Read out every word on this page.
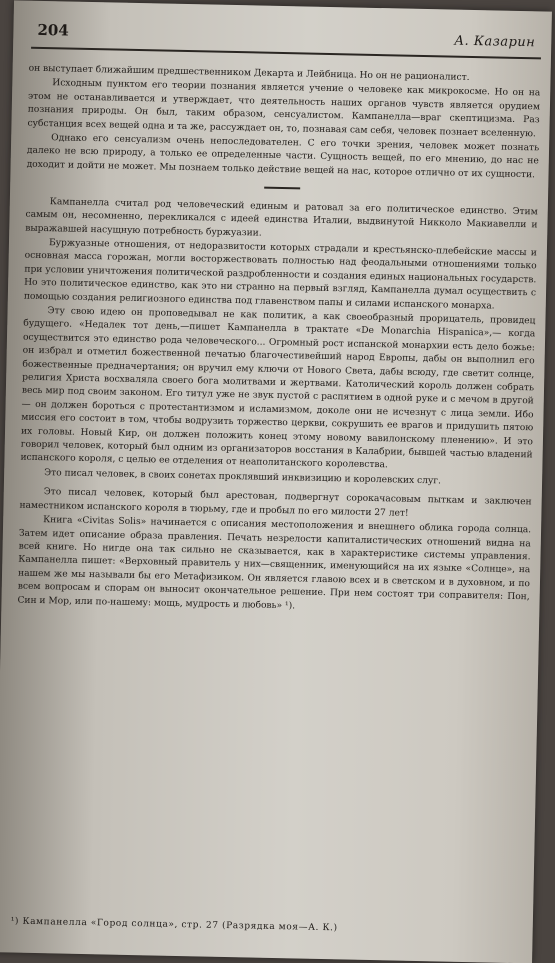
204
А. Казарин

он выступает ближайшим предшественником Декарта и Лейбница. Но он не рационалист.

Исходным пунктом его теории познания является учение о человеке как микрокосме. Но он на этом не останавливается и утверждает, что деятельность наших органов чувств является орудием познания природы. Он был, таким образом, сенсуалистом. Кампанелла—враг скептицизма. Раз субстанция всех вещей одна и та же, рассуждает он, то, познавая сам себя, человек познает вселенную.

Однако его сенсуализм очень непоследователен. С его точки зрения, человек может познать далеко не всю природу, а только ее определенные части. Сущность вещей, по его мнению, до нас не доходит и дойти не может. Мы познаем только действие вещей на нас, которое отлично от их сущности.

Кампанелла считал род человеческий единым и ратовал за его политическое единство. Этим самым он, несомненно, перекликался с идеей единства Италии, выдвинутой Никколо Макиавелли и выражавшей насущную потребность буржуазии.

Буржуазные отношения, от недоразвитости которых страдали и крестьянско-плебейские массы и основная масса горожан, могли восторжествовать полностью над феодальными отношениями только при условии уничтожения политической раздробленности и создания единых национальных государств. Но это политическое единство, как это ни странно на первый взгляд, Кампанелла думал осуществить с помощью создания религиозного единства под главенством папы и силами испанского монарха.

Эту свою идею он проповедывал не как политик, а как своеобразный прорицатель, провидец будущего. «Недалек тот день,—пишет Кампанелла в трактате «De Monarchia Hispanica»,— когда осуществится это единство рода человеческого... Огромный рост испанской монархии есть дело божье: он избрал и отметил божественной печатью благочестивейший народ Европы, дабы он выполнил его божественные предначертания; он вручил ему ключи от Нового Света, дабы всюду, где светит солнце, религия Христа восхваляла своего бога молитвами и жертвами. Католический король должен собрать весь мир под своим законом. Его титул уже не звук пустой с распятием в одной руке и с мечом в другой— он должен бороться с протестантизмом и исламизмом, доколе они не исчезнут с лица земли. Ибо миссия его состоит в том, чтобы водрузить торжество церкви, сокрушить ее врагов и придушить пятою их головы. Новый Кир, он должен положить конец этому новому вавилонскому пленению». И это говорил человек, который был одним из организаторов восстания в Калабрии, бывшей частью владений испанского короля, с целью ее отделения от неаполитанского королевства.

Это писал человек, в своих сонетах проклявший инквизицию и королевских слуг.

Это писал человек, который был арестован, подвергнут сорокачасовым пыткам и заключен наместником испанского короля в тюрьму, где и пробыл по его милости 27 лет!

Книга «Civitas Solis» начинается с описания местоположения и внешнего облика города солнца. Затем идет описание образа правления. Печать незрелости капиталистических отношений видна на всей книге. Но нигде она так сильно не сказывается, как в характеристике системы управления. Кампанелла пишет: «Верховный правитель у них—священник, именующийся на их языке «Солнце», на нашем же мы называли бы его Метафизиком. Он является главою всех и в светском и в духовном, и по всем вопросам и спорам он выносит окончательное решение. При нем состоят три соправителя: Пон, Син и Мор, или по-нашему: мощь, мудрость и любовь» ¹).

¹) Кампанелла «Город солнца», стр. 27 (Разрядка моя—А. К.)
